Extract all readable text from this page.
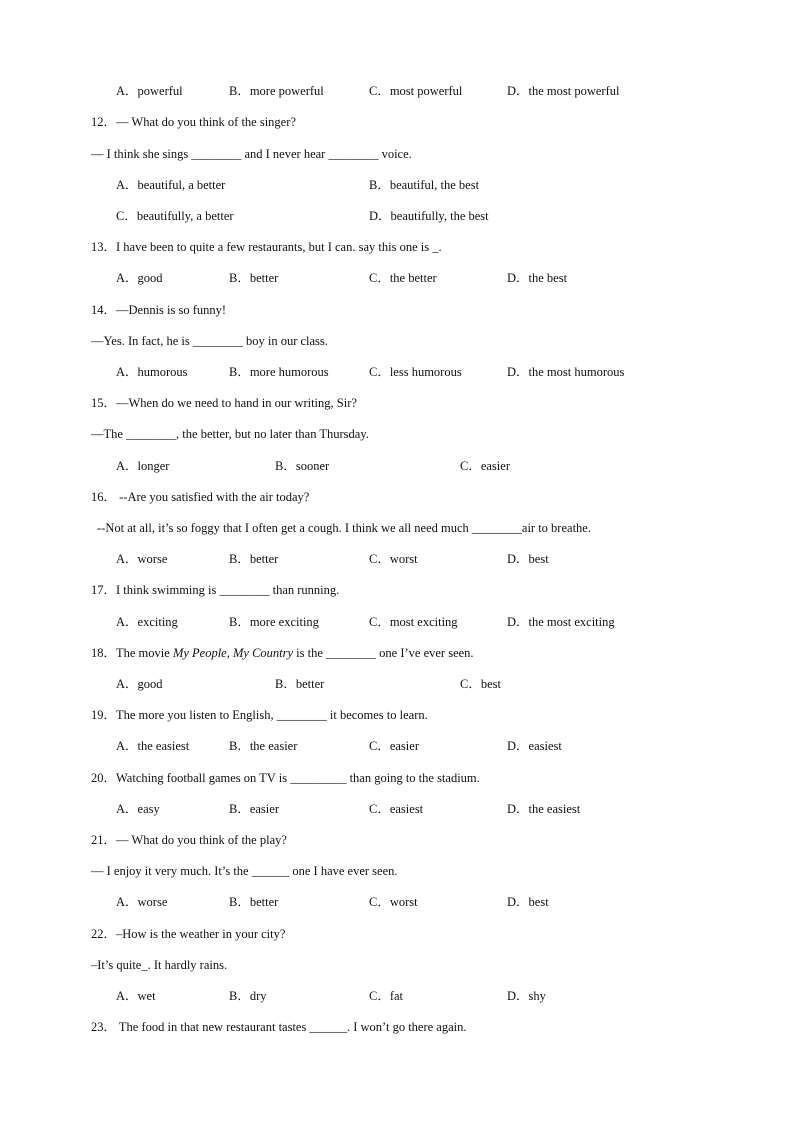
A．powerful	B．more powerful	C．most powerful	D．the most powerful
12．— What do you think of the singer?
— I think she sings ________ and I never hear ________ voice.
A．beautiful, a better	B．beautiful, the best
C．beautifully, a better	D．beautifully, the best
13．I have been to quite a few restaurants, but I can. say this one is _.
A．good	B．better	C．the better	D．the best
14．—Dennis is so funny!
—Yes. In fact, he is ________ boy in our class.
A．humorous	B．more humorous	C．less humorous	D．the most humorous
15．—When do we need to hand in our writing, Sir?
—The ________, the better, but no later than Thursday.
A．longer	B．sooner	C．easier
16． --Are you satisfied with the air today?
--Not at all, it’s so foggy that I often get a cough. I think we all need much ________air to breathe.
A．worse	B．better	C．worst	D．best
17．I think swimming is ________ than running.
A．exciting	B．more exciting	C．most exciting	D．the most exciting
18．The movie My People, My Country is the ________ one I’ve ever seen.
A．good	B．better	C．best
19．The more you listen to English, ________ it becomes to learn.
A．the easiest	B．the easier	C．easier	D．easiest
20．Watching football games on TV is _________ than going to the stadium.
A．easy	B．easier	C．easiest	D．the easiest
21．— What do you think of the play?
— I enjoy it very much. It’s the ______ one I have ever seen.
A．worse	B．better	C．worst	D．best
22．–How is the weather in your city?
–It’s quite_. It hardly rains.
A．wet	B．dry	C．fat	D．shy
23． The food in that new restaurant tastes ______. I won’t go there again.
